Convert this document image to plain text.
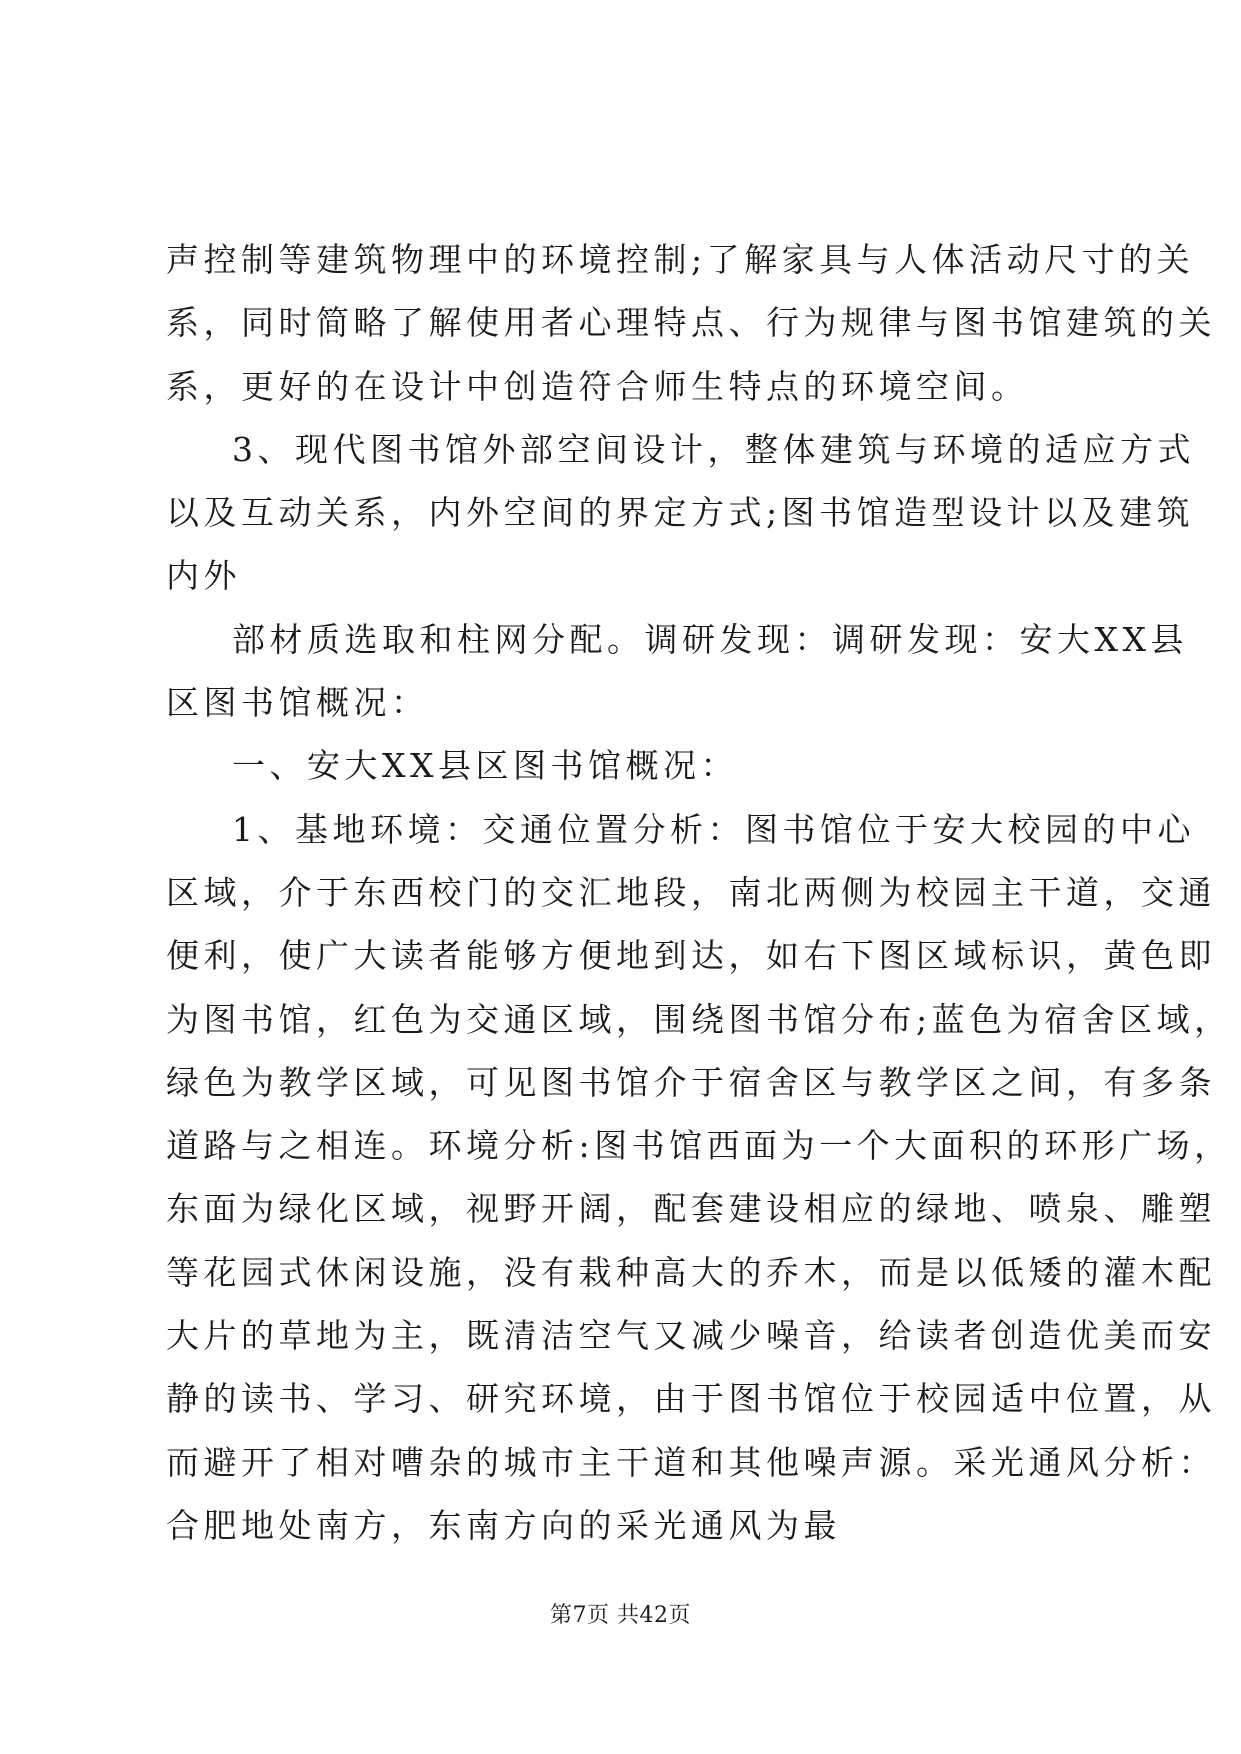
声控制等建筑物理中的环境控制;了解家具与人体活动尺寸的关
系，同时简略了解使用者心理特点、行为规律与图书馆建筑的关
系，更好的在设计中创造符合师生特点的环境空间。
3、现代图书馆外部空间设计，整体建筑与环境的适应方式
以及互动关系，内外空间的界定方式;图书馆造型设计以及建筑
内外
部材质选取和柱网分配。调研发现：调研发现：安大XX县
区图书馆概况：
一、安大XX县区图书馆概况：
1、基地环境：交通位置分析：图书馆位于安大校园的中心
区域，介于东西校门的交汇地段，南北两侧为校园主干道，交通
便利，使广大读者能够方便地到达，如右下图区域标识，黄色即
为图书馆，红色为交通区域，围绕图书馆分布;蓝色为宿舍区域，
绿色为教学区域，可见图书馆介于宿舍区与教学区之间，有多条
道路与之相连。环境分析:图书馆西面为一个大面积的环形广场，
东面为绿化区域，视野开阔，配套建设相应的绿地、喷泉、雕塑
等花园式休闲设施，没有栽种高大的乔木，而是以低矮的灌木配
大片的草地为主，既清洁空气又减少噪音，给读者创造优美而安
静的读书、学习、研究环境，由于图书馆位于校园适中位置，从
而避开了相对嘈杂的城市主干道和其他噪声源。采光通风分析：
合肥地处南方，东南方向的采光通风为最
第7页 共42页
